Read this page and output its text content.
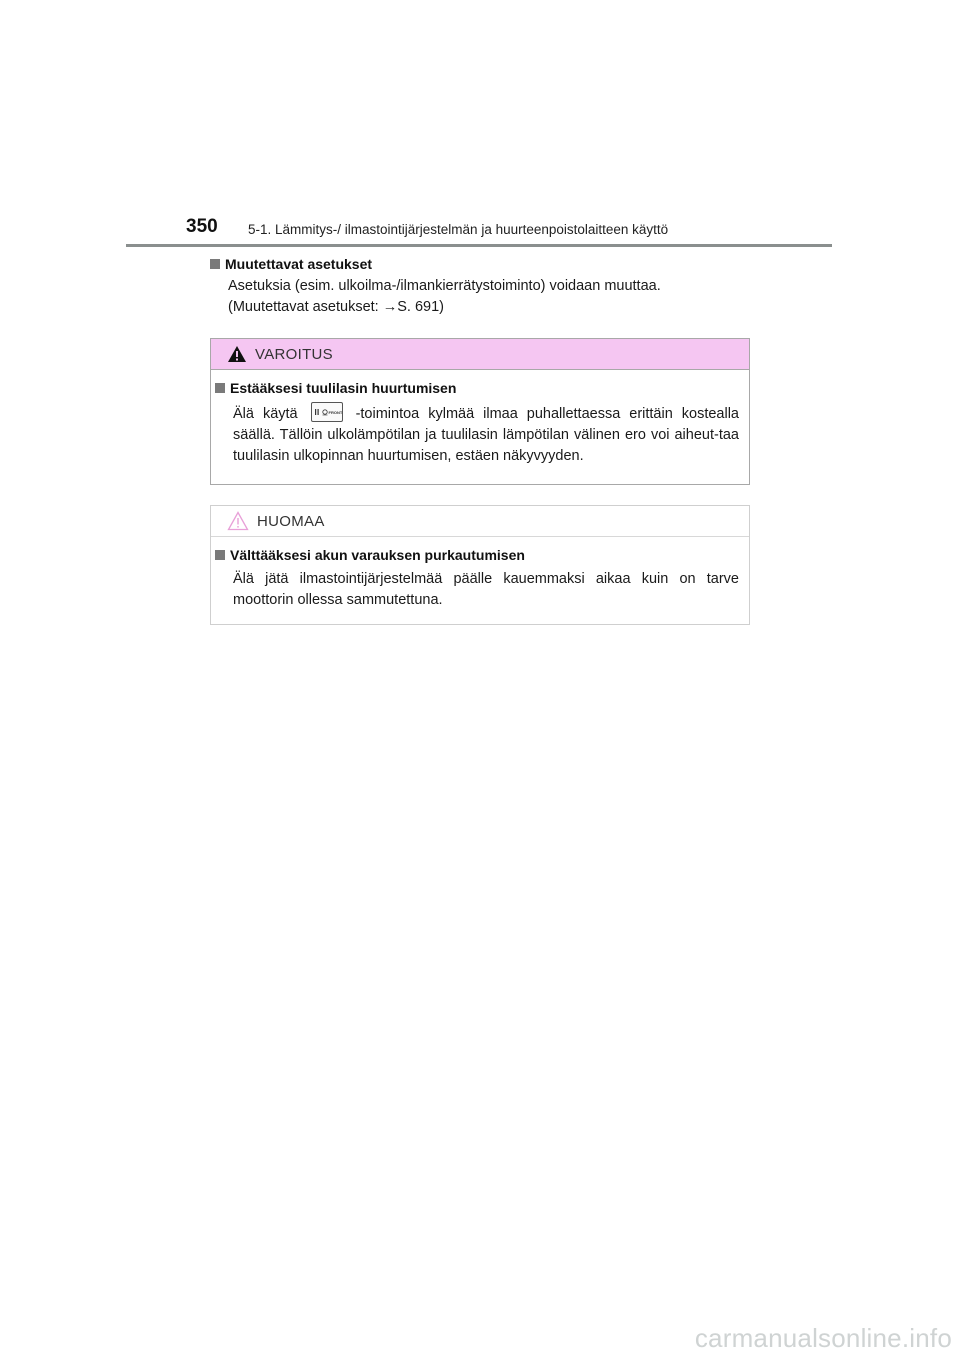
350 5-1. Lämmitys-/ ilmastointijärjestelmän ja huurteenpoistolaitteen käyttö

Muutettavat asetukset

Asetuksia (esim. ulkoilma-/ilmankierrätystoiminto) voidaan muuttaa.
(Muutettavat asetukset: →S. 691)
VAROITUS

Estääksesi tuulilasin huurtumisen

Älä käytä	FRONT -toimintoa kylmää ilmaa puhallettaessa erittäin kostealla säällä. Tällöin ulkolämpötilan ja tuulilasin lämpötilan välinen ero voi aiheut-taa tuulilasin ulkopinnan huurtumisen, estäen näkyvyyden.

HUOMAA

Välttääksesi akun varauksen purkautumisen

Älä jätä ilmastointijärjestelmää päälle kauemmaksi aikaa kuin on tarve moottorin ollessa sammutettuna.

carmanualsonline.info
